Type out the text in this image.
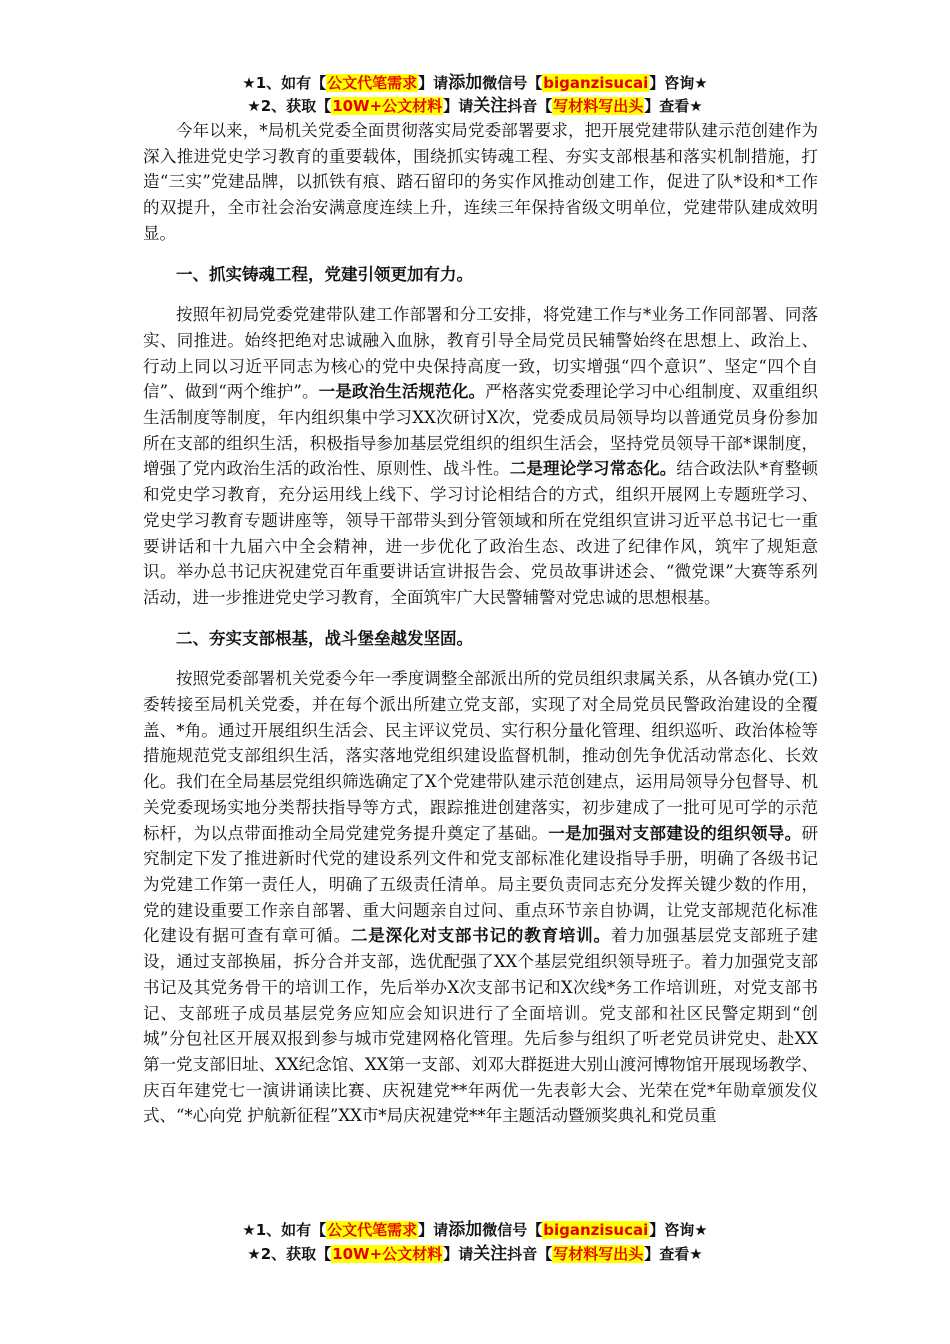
★1、如有【公文代笔需求】请添加微信号【biganzisucai】咨询★
★2、获取【10W+公文材料】请关注抖音【写材料写出头】查看★

今年以来，*局机关党委全面贯彻落实局党委部署要求，把开展党建带队建示范创建作为深入推进党史学习教育的重要载体，围绕抓实铸魂工程、夯实支部根基和落实机制措施，打造“三实”党建品牌，以抓铁有痕、踏石留印的务实作风推动创建工作，促进了队*设和*工作的双提升，全市社会治安满意度连续上升，连续三年保持省级文明单位，党建带队建成效明显。

一、抓实铸魂工程，党建引领更加有力。

按照年初局党委党建带队建工作部署和分工安排，将党建工作与*业务工作同部署、同落实、同推进。始终把绝对忠诚融入血脉，教育引导全局党员民辅警始终在思想上、政治上、行动上同以习近平同志为核心的党中央保持高度一致，切实增强“四个意识”、坚定“四个自信”、做到“两个维护”。一是政治生活规范化。严格落实党委理论学习中心组制度、双重组织生活制度等制度，年内组织集中学习XX次研讨X次，党委成员局领导均以普通党员身份参加所在支部的组织生活，积极指导参加基层党组织的组织生活会，坚持党员领导干部*课制度，增强了党内政治生活的政治性、原则性、战斗性。二是理论学习常态化。结合政法队*育整顿和党史学习教育，充分运用线上线下、学习讨论相结合的方式，组织开展网上专题班学习、党史学习教育专题讲座等，领导干部带头到分管领域和所在党组织宣讲习近平总书记七一重要讲话和十九届六中全会精神，进一步优化了政治生态、改进了纪律作风，筑牢了规矩意识。举办总书记庆祝建党百年重要讲话宣讲报告会、党员故事讲述会、“微党课”大赛等系列活动，进一步推进党史学习教育，全面筑牢广大民警辅警对党忠诚的思想根基。

二、夯实支部根基，战斗堡垒越发坚固。

按照党委部署机关党委今年一季度调整全部派出所的党员组织隶属关系，从各镇办党(工)委转接至局机关党委，并在每个派出所建立党支部，实现了对全局党员民警政治建设的全覆盖、*角。通过开展组织生活会、民主评议党员、实行积分量化管理、组织巡听、政治体检等措施规范党支部组织生活，落实落地党组织建设监督机制，推动创先争优活动常态化、长效化。我们在全局基层党组织筛选确定了X个党建带队建示范创建点，运用局领导分包督导、机关党委现场实地分类帮扶指导等方式，跟踪推进创建落实，初步建成了一批可见可学的示范标杆，为以点带面推动全局党建党务提升奠定了基础。一是加强对支部建设的组织领导。研究制定下发了推进新时代党的建设系列文件和党支部标准化建设指导手册，明确了各级书记为党建工作第一责任人，明确了五级责任清单。局主要负责同志充分发挥关键少数的作用，党的建设重要工作亲自部署、重大问题亲自过问、重点环节亲自协调，让党支部规范化标准化建设有据可查有章可循。二是深化对支部书记的教育培训。着力加强基层党支部班子建设，通过支部换届，拆分合并支部，选优配强了XX个基层党组织领导班子。着力加强党支部书记及其党务骨干的培训工作，先后举办X次支部书记和X次线*务工作培训班，对党支部书记、支部班子成员基层党务应知应会知识进行了全面培训。党支部和社区民警定期到“创城”分包社区开展双报到参与城市党建网格化管理。先后参与组织了听老党员讲党史、赴XX第一党支部旧址、XX纪念馆、XX第一支部、刘邓大群挺进大别山渡河博物馆开展现场教学、庆百年建党七一演讲诵读比赛、庆祝建党**年两优一先表彰大会、光荣在党*年勋章颁发仪式、“*心向党 护航新征程”XX市*局庆祝建党**年主题活动暨颁奖典礼和党员重

★1、如有【公文代笔需求】请添加微信号【biganzisucai】咨询★
★2、获取【10W+公文材料】请关注抖音【写材料写出头】查看★
